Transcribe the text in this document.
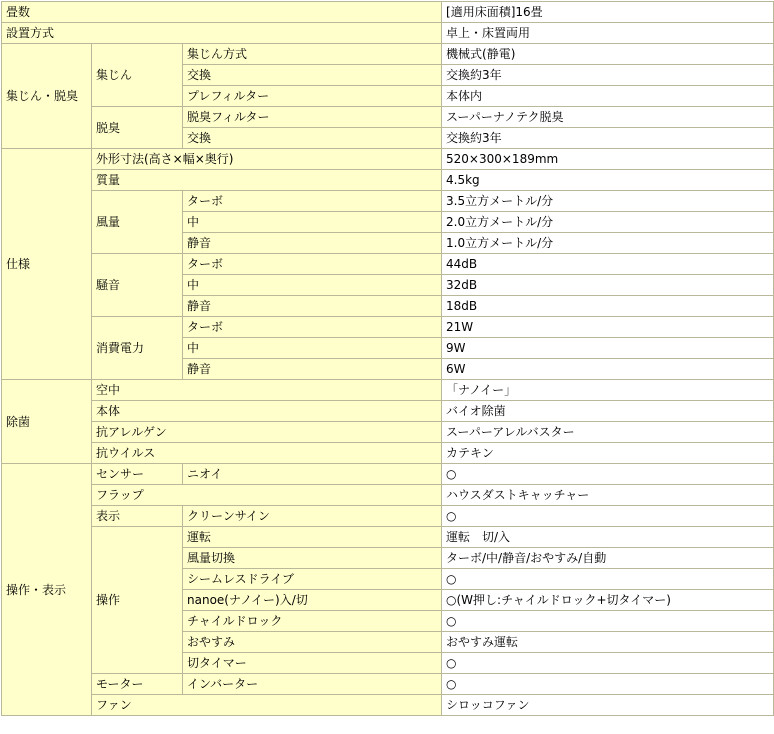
畳数			[適用床面積]16畳
設置方式			卓上・床置両用
集じん・脱臭	集じん	集じん方式	機械式(静電)
		交換	交換約3年
		プレフィルター	本体内
	脱臭	脱臭フィルター	スーパーナノテク脱臭
		交換	交換約3年
仕様	外形寸法(高さ×幅×奥行)		520×300×189mm
	質量		4.5kg
	風量	ターボ	3.5立方メートル/分
		中	2.0立方メートル/分
		静音	1.0立方メートル/分
	騒音	ターボ	44dB
		中	32dB
		静音	18dB
	消費電力	ターボ	21W
		中	9W
		静音	6W
除菌	空中		「ナノイー」
	本体		バイオ除菌
	抗アレルゲン		スーパーアレルバスター
	抗ウイルス		カテキン
操作・表示	センサー	ニオイ	○
	フラップ		ハウスダストキャッチャー
	表示	クリーンサイン	○
	操作	運転	運転　切/入
		風量切換	ターボ/中/静音/おやすみ/自動
		シームレスドライブ	○
		nanoe(ナノイー)入/切	○(W押し:チャイルドロック+切タイマー)
		チャイルドロック	○
		おやすみ	おやすみ運転
		切タイマー	○
	モーター	インバーター	○
	ファン		シロッコファン
